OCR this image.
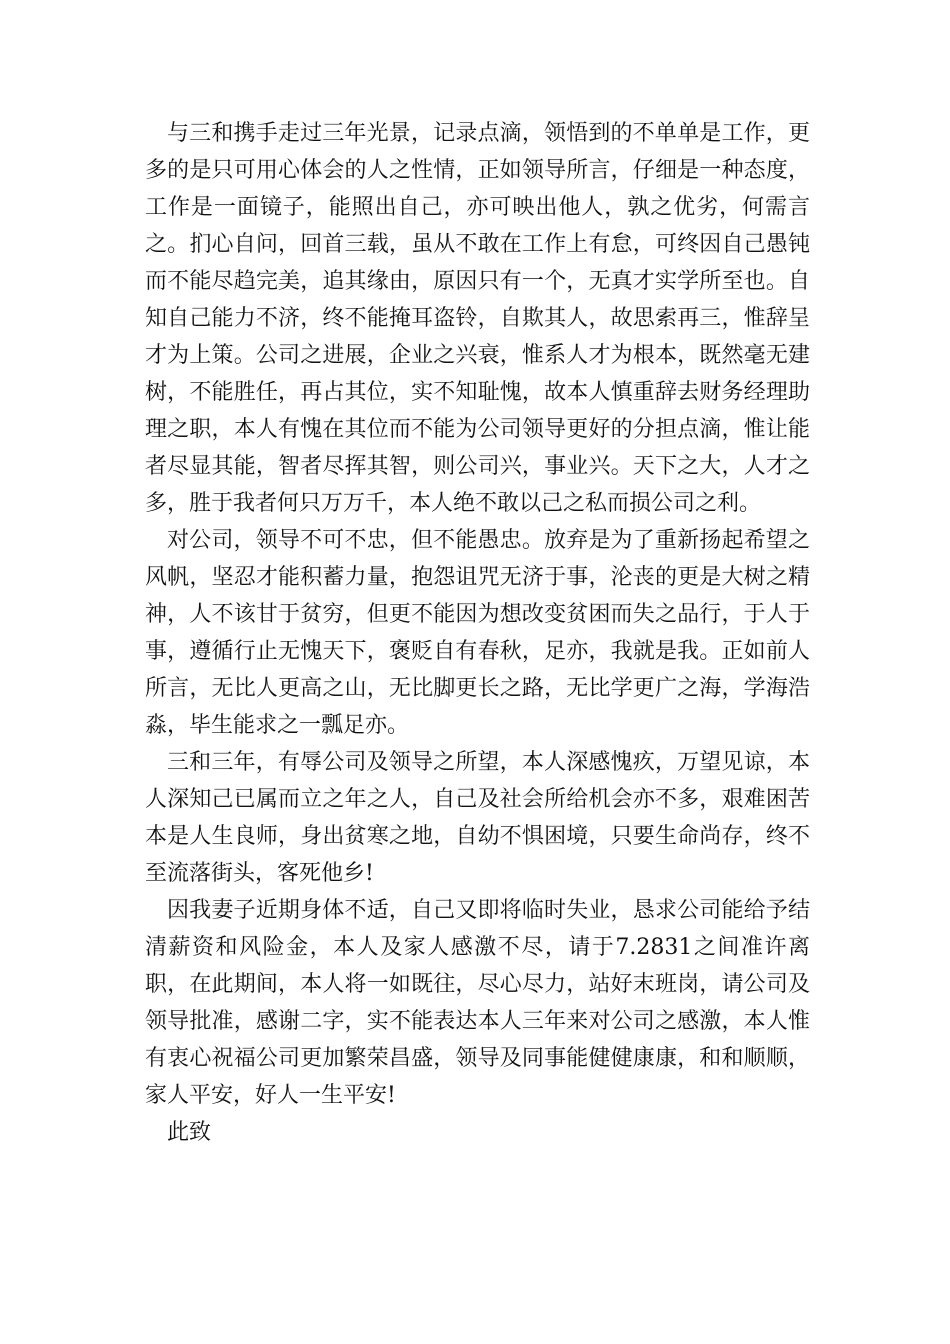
与三和携手走过三年光景，记录点滴，领悟到的不单单是工作，更多的是只可用心体会的人之性情，正如领导所言，仔细是一种态度，工作是一面镜子，能照出自己，亦可映出他人，孰之优劣，何需言之。扪心自问，回首三载，虽从不敢在工作上有怠，可终因自己愚钝而不能尽趋完美，追其缘由，原因只有一个，无真才实学所至也。自知自己能力不济，终不能掩耳盗铃，自欺其人，故思索再三，惟辞呈才为上策。公司之进展，企业之兴衰，惟系人才为根本，既然毫无建树，不能胜任，再占其位，实不知耻愧，故本人慎重辞去财务经理助理之职，本人有愧在其位而不能为公司领导更好的分担点滴，惟让能者尽显其能，智者尽挥其智，则公司兴，事业兴。天下之大，人才之多，胜于我者何只万万千，本人绝不敢以己之私而损公司之利。

对公司，领导不可不忠，但不能愚忠。放弃是为了重新扬起希望之风帆，坚忍才能积蓄力量，抱怨诅咒无济于事，沦丧的更是大树之精神，人不该甘于贫穷，但更不能因为想改变贫困而失之品行，于人于事，遵循行止无愧天下，褒贬自有春秋，足亦，我就是我。正如前人所言，无比人更高之山，无比脚更长之路，无比学更广之海，学海浩淼，毕生能求之一瓢足亦。

三和三年，有辱公司及领导之所望，本人深感愧疚，万望见谅，本人深知己已属而立之年之人，自己及社会所给机会亦不多，艰难困苦本是人生良师，身出贫寒之地，自幼不惧困境，只要生命尚存，终不至流落街头，客死他乡!

因我妻子近期身体不适，自己又即将临时失业，恳求公司能给予结清薪资和风险金，本人及家人感激不尽，请于7.2831之间准许离职，在此期间，本人将一如既往，尽心尽力，站好末班岗，请公司及领导批准，感谢二字，实不能表达本人三年来对公司之感激，本人惟有衷心祝福公司更加繁荣昌盛，领导及同事能健健康康，和和顺顺，家人平安，好人一生平安!

此致
